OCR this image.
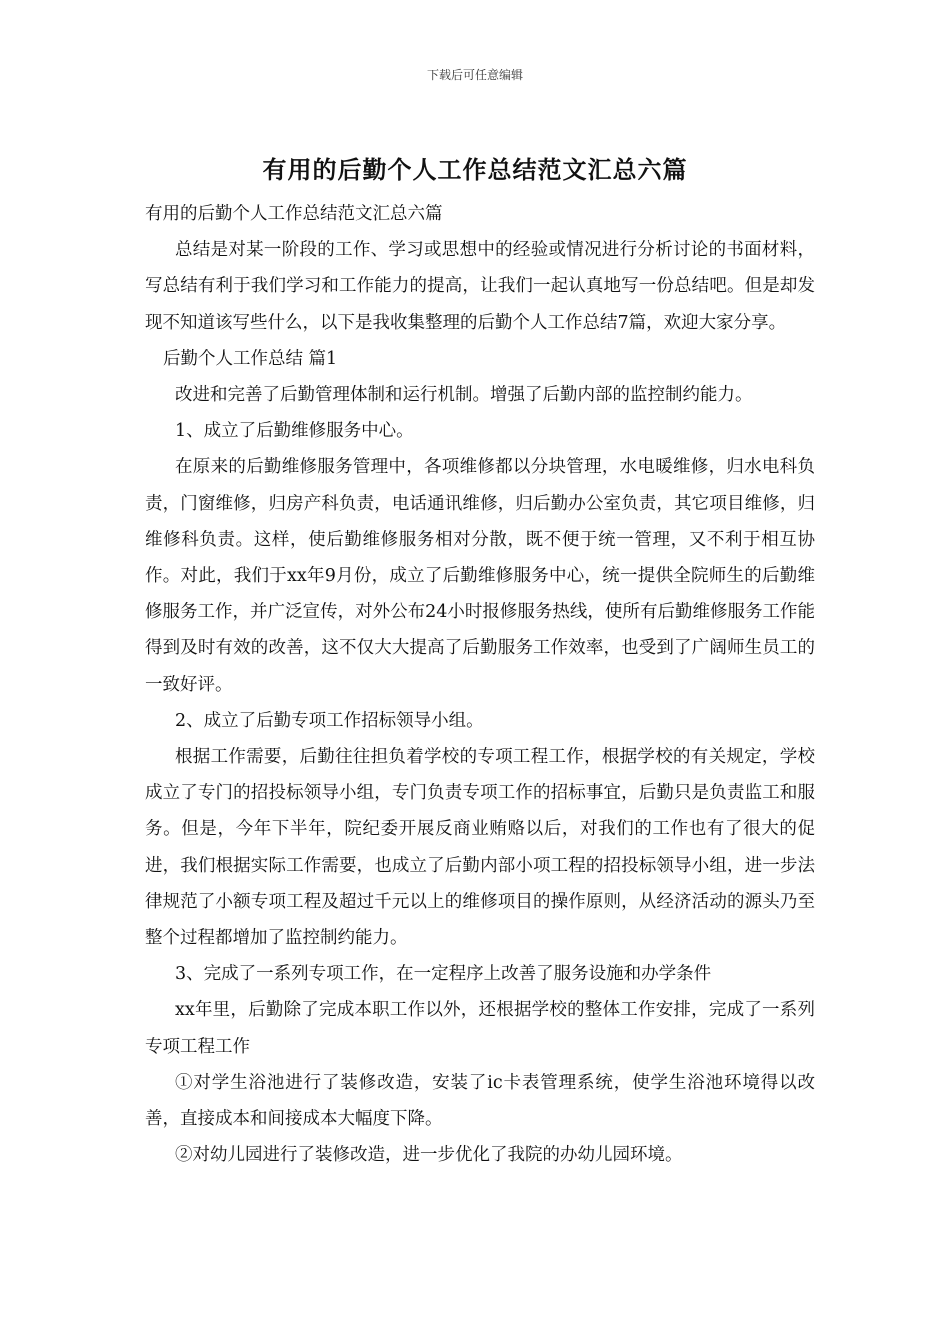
下载后可任意编辑
有用的后勤个人工作总结范文汇总六篇

有用的后勤个人工作总结范文汇总六篇

总结是对某一阶段的工作、学习或思想中的经验或情况进行分析讨论的书面材料，写总结有利于我们学习和工作能力的提高，让我们一起认真地写一份总结吧。但是却发现不知道该写些什么，以下是我收集整理的后勤个人工作总结7篇，欢迎大家分享。

后勤个人工作总结 篇1

改进和完善了后勤管理体制和运行机制。增强了后勤内部的监控制约能力。

1、成立了后勤维修服务中心。

在原来的后勤维修服务管理中，各项维修都以分块管理，水电暖维修，归水电科负责，门窗维修，归房产科负责，电话通讯维修，归后勤办公室负责，其它项目维修，归维修科负责。这样，使后勤维修服务相对分散，既不便于统一管理，又不利于相互协作。对此，我们于xx年9月份，成立了后勤维修服务中心，统一提供全院师生的后勤维修服务工作，并广泛宣传，对外公布24小时报修服务热线，使所有后勤维修服务工作能得到及时有效的改善，这不仅大大提高了后勤服务工作效率，也受到了广阔师生员工的一致好评。

2、成立了后勤专项工作招标领导小组。

根据工作需要，后勤往往担负着学校的专项工程工作，根据学校的有关规定，学校成立了专门的招投标领导小组，专门负责专项工作的招标事宜，后勤只是负责监工和服务。但是，今年下半年，院纪委开展反商业贿赂以后，对我们的工作也有了很大的促进，我们根据实际工作需要，也成立了后勤内部小项工程的招投标领导小组，进一步法律规范了小额专项工程及超过千元以上的维修项目的操作原则，从经济活动的源头乃至整个过程都增加了监控制约能力。

3、完成了一系列专项工作，在一定程序上改善了服务设施和办学条件

xx年里，后勤除了完成本职工作以外，还根据学校的整体工作安排，完成了一系列专项工程工作

①对学生浴池进行了装修改造，安装了ic卡表管理系统，使学生浴池环境得以改善，直接成本和间接成本大幅度下降。

②对幼儿园进行了装修改造，进一步优化了我院的办幼儿园环境。
